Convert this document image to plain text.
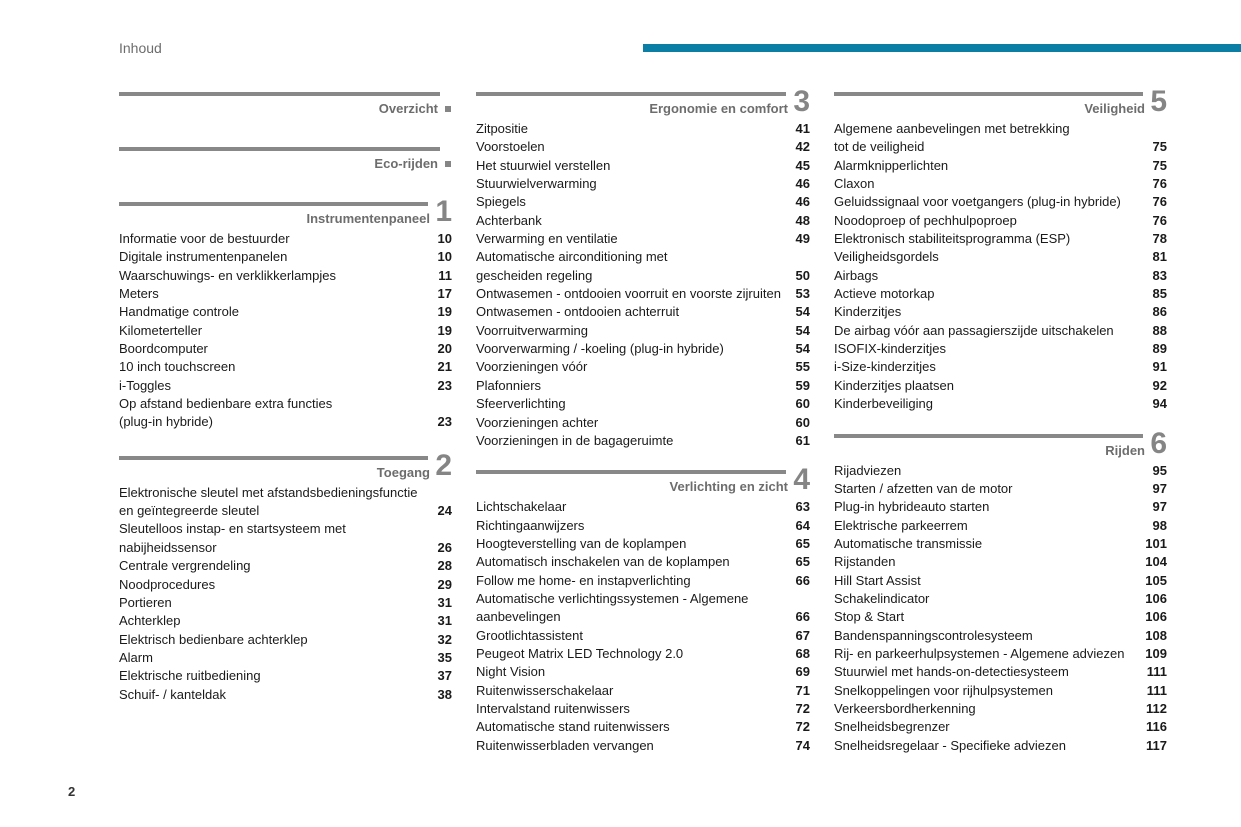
Inhoud
Overzicht
Eco-rijden
Instrumentenpaneel 1
Informatie voor de bestuurder	10
Digitale instrumentenpanelen	10
Waarschuwings- en verklikkerlampjes	11
Meters	17
Handmatige controle	19
Kilometerteller	19
Boordcomputer	20
10 inch touchscreen	21
i-Toggles	23
Op afstand bedienbare extra functies
(plug-in hybride)	23
Toegang 2
Elektronische sleutel met afstandsbedieningsfunctie
en geïntegreerde sleutel	24
Sleutelloos instap- en startsysteem met
nabijheidssensor	26
Centrale vergrendeling	28
Noodprocedures	29
Portieren	31
Achterklep	31
Elektrisch bedienbare achterklep	32
Alarm	35
Elektrische ruitbediening	37
Schuif- / kanteldak	38
Ergonomie en comfort 3
Zitpositie	41
Voorstoelen	42
Het stuurwiel verstellen	45
Stuurwielverwarming	46
Spiegels	46
Achterbank	48
Verwarming en ventilatie	49
Automatische airconditioning met
gescheiden regeling	50
Ontwasemen - ontdooien voorruit en voorste zijruiten	53
Ontwasemen - ontdooien achterruit	54
Voorruitverwarming	54
Voorverwarming / -koeling (plug-in hybride)	54
Voorzieningen vóór	55
Plafonniers	59
Sfeerverlichting	60
Voorzieningen achter	60
Voorzieningen in de bagageruimte	61
Verlichting en zicht 4
Lichtschakelaar	63
Richtingaanwijzers	64
Hoogteverstelling van de koplampen	65
Automatisch inschakelen van de koplampen	65
Follow me home- en instapverlichting	66
Automatische verlichtingssystemen - Algemene
aanbevelingen	66
Grootlichtassistent	67
Peugeot Matrix LED Technology 2.0	68
Night Vision	69
Ruitenwisserschakelaar	71
Intervalstand ruitenwissers	72
Automatische stand ruitenwissers	72
Ruitenwisserbladen vervangen	74
Veiligheid 5
Algemene aanbevelingen met betrekking
tot de veiligheid	75
Alarmknipperlichten	75
Claxon	76
Geluidssignaal voor voetgangers (plug-in hybride)	76
Noodoproep of pechhulpoproep	76
Elektronisch stabiliteitsprogramma (ESP)	78
Veiligheidsgordels	81
Airbags	83
Actieve motorkap	85
Kinderzitjes	86
De airbag vóór aan passagierszijde uitschakelen	88
ISOFIX-kinderzitjes	89
i-Size-kinderzitjes	91
Kinderzitjes plaatsen	92
Kinderbeveiliging	94
Rijden 6
Rijadviezen	95
Starten / afzetten van de motor	97
Plug-in hybrideauto starten	97
Elektrische parkeerrem	98
Automatische transmissie	101
Rijstanden	104
Hill Start Assist	105
Schakelindicator	106
Stop & Start	106
Bandenspanningscontrolesysteem	108
Rij- en parkeerhulpsystemen - Algemene adviezen	109
Stuurwiel met hands-on-detectiesysteem	111
Snelkoppelingen voor rijhulpsystemen	111
Verkeersbordherkenning	112
Snelheidsbegrenzer	116
Snelheidsregelaar - Specifieke adviezen	117
2
